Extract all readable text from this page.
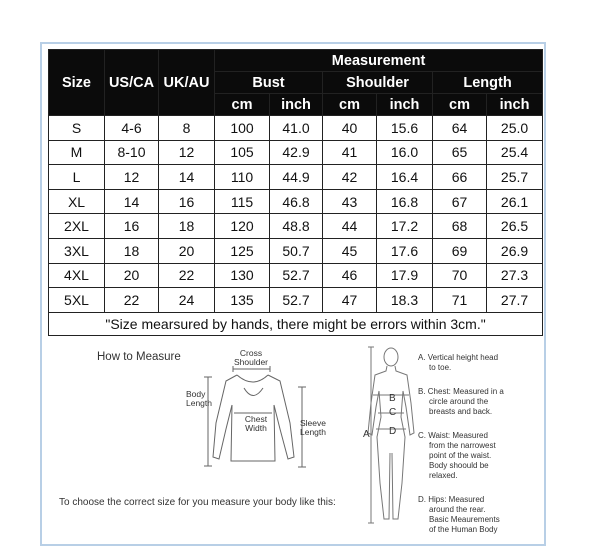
Size	US/CA	UK/AU	Measurement					
			Bust		Shoulder		Length	
			cm	inch	cm	inch	cm	inch
S	4-6	8	100	41.0	40	15.6	64	25.0
M	8-10	12	105	42.9	41	16.0	65	25.4
L	12	14	110	44.9	42	16.4	66	25.7
XL	14	16	115	46.8	43	16.8	67	26.1
2XL	16	18	120	48.8	44	17.2	68	26.5
3XL	18	20	125	50.7	45	17.6	69	26.9
4XL	20	22	130	52.7	46	17.9	70	27.3
5XL	22	24	135	52.7	47	18.3	71	27.7
"Size mearsured by hands, there might be errors within 3cm."								
How to Measure	Cross
Shoulder
Body
Length
Chest
Width	Sleeve
Length
To choose the correct size for you measure your body like this:
A
B
C
D
A. Vertical height head
to toe.
B. Chest: Measured in a
circle around the
breasts and back.
C. Waist: Measured
from the narrowest
point of the waist.
Body shoould be
relaxed.
D. Hips: Measured
around the rear.
Basic Meaurements
of the Human Body
